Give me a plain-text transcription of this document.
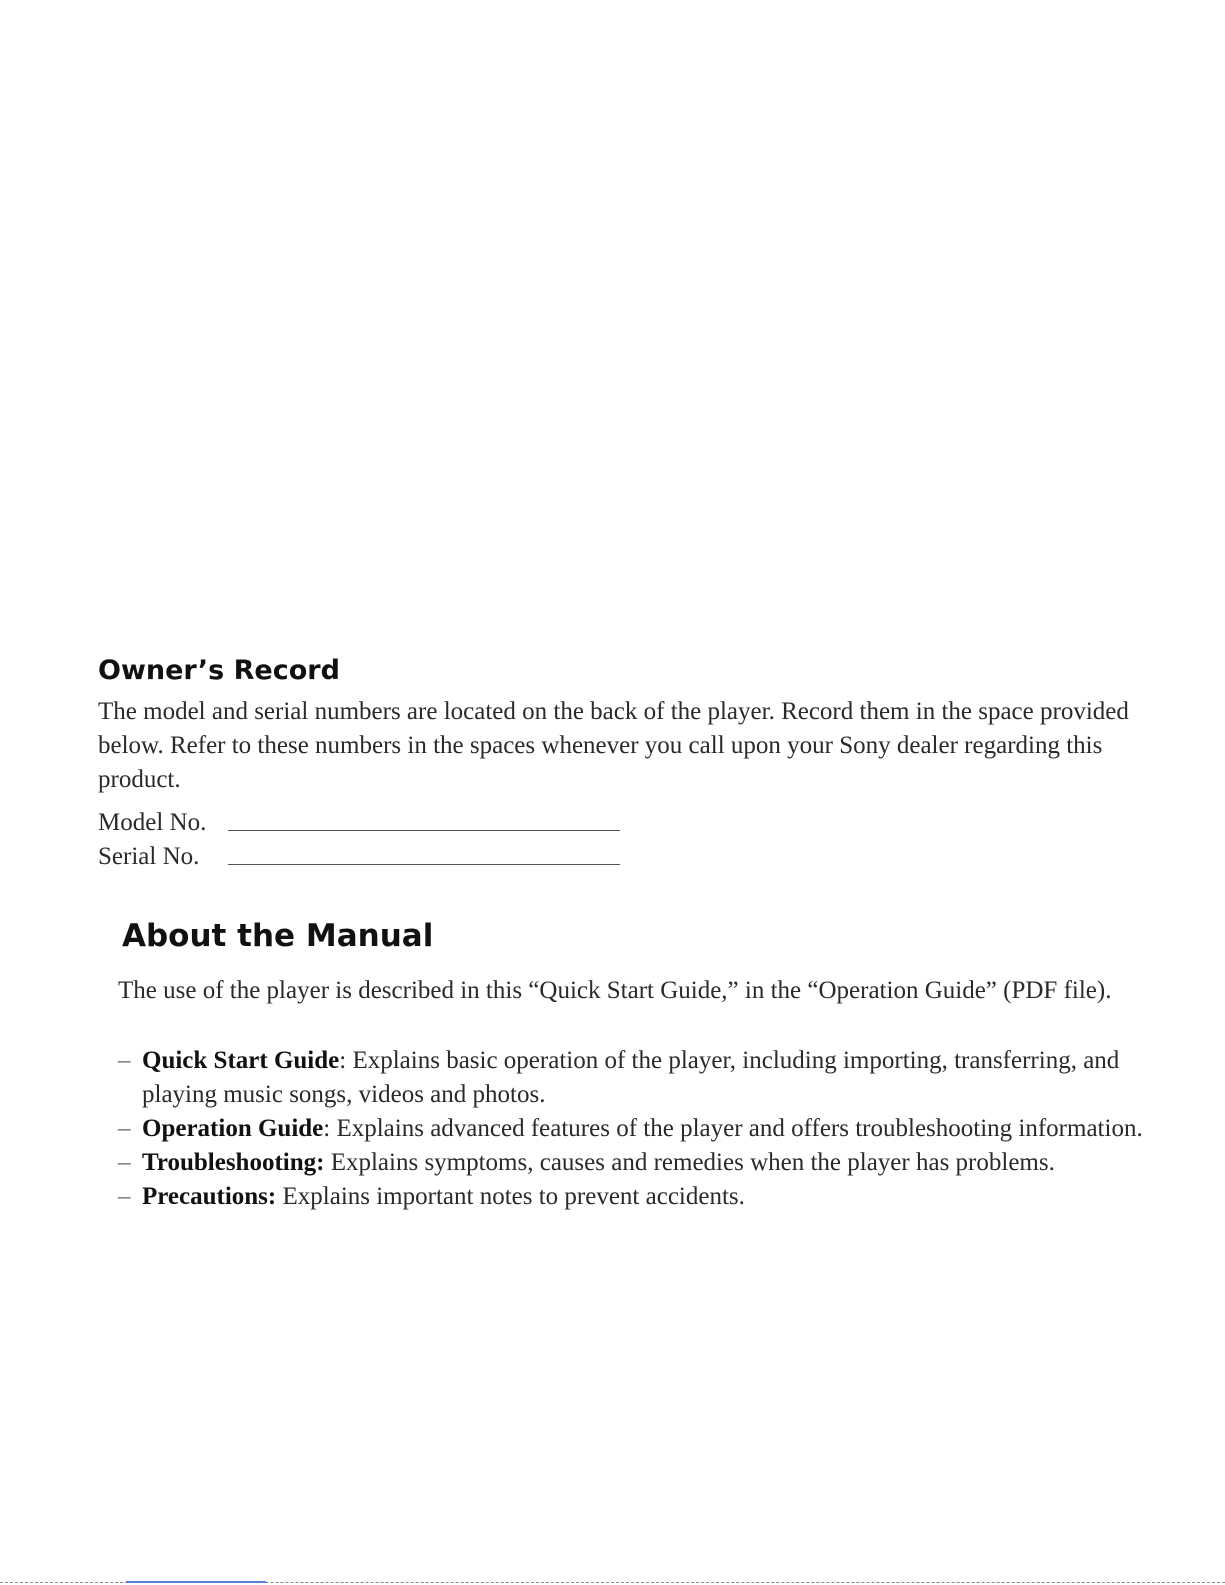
Owner’s Record

The model and serial numbers are located on the back of the player. Record them in the space provided below. Refer to these numbers in the spaces whenever you call upon your Sony dealer regarding this product.

Model No.
Serial No.
About the Manual

The use of the player is described in this “Quick Start Guide,” in the “Operation Guide” (PDF file).

– Quick Start Guide: Explains basic operation of the player, including importing, transferring, and playing music songs, videos and photos.
– Operation Guide: Explains advanced features of the player and offers troubleshooting information.
– Troubleshooting: Explains symptoms, causes and remedies when the player has problems.
– Precautions: Explains important notes to prevent accidents.
